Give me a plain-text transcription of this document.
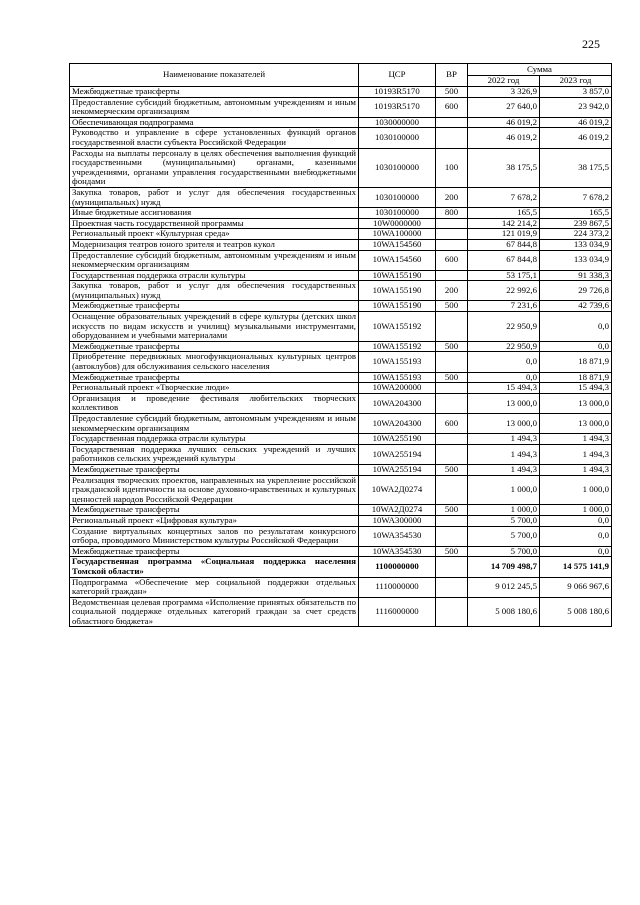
225
Наименование показателей	ЦСР	ВР	Сумма	
			2022 год	2023 год
Межбюджетные трансферты	10193R5170	500	3 326,9	3 857,0
Предоставление субсидий бюджетным, автономным учреждениям и иным некоммерческим организациям	10193R5170	600	27 640,0	23 942,0
Обеспечивающая подпрограмма	1030000000		46 019,2	46 019,2
Руководство и управление в сфере установленных функций органов государственной власти субъекта Российской Федерации	1030100000		46 019,2	46 019,2
Расходы на выплаты персоналу в целях обеспечения выполнения функций государственными (муниципальными) органами, казенными учреждениями, органами управления государственными внебюджетными фондами	1030100000	100	38 175,5	38 175,5
Закупка товаров, работ и услуг для обеспечения государственных (муниципальных) нужд	1030100000	200	7 678,2	7 678,2
Иные бюджетные ассигнования	1030100000	800	165,5	165,5
Проектная часть государственной программы	10W0000000		142 214,2	239 867,5
Региональный проект «Культурная среда»	10WA100000		121 019,9	224 373,2
Модернизация театров юного зрителя и театров кукол	10WA154560		67 844,8	133 034,9
Предоставление субсидий бюджетным, автономным учреждениям и иным некоммерческим организациям	10WA154560	600	67 844,8	133 034,9
Государственная поддержка отрасли культуры	10WA155190		53 175,1	91 338,3
Закупка товаров, работ и услуг для обеспечения государственных (муниципальных) нужд	10WA155190	200	22 992,6	29 726,8
Межбюджетные трансферты	10WA155190	500	7 231,6	42 739,6
Оснащение образовательных учреждений в сфере культуры (детских школ искусств по видам искусств и училищ) музыкальными инструментами, оборудованием и учебными материалами	10WA155192		22 950,9	0,0
Межбюджетные трансферты	10WA155192	500	22 950,9	0,0
Приобретение передвижных многофункциональных культурных центров (автоклубов) для обслуживания сельского населения	10WA155193		0,0	18 871,9
Межбюджетные трансферты	10WA155193	500	0,0	18 871,9
Региональный проект «Творческие люди»	10WA200000		15 494,3	15 494,3
Организация и проведение фестиваля любительских творческих коллективов	10WA204300		13 000,0	13 000,0
Предоставление субсидий бюджетным, автономным учреждениям и иным некоммерческим организациям	10WA204300	600	13 000,0	13 000,0
Государственная поддержка отрасли культуры	10WA255190		1 494,3	1 494,3
Государственная поддержка лучших сельских учреждений и лучших работников сельских учреждений культуры	10WA255194		1 494,3	1 494,3
Межбюджетные трансферты	10WA255194	500	1 494,3	1 494,3
Реализация творческих проектов, направленных на укрепление российской гражданской идентичности на основе духовно-нравственных и культурных ценностей народов Российской Федерации	10WA2Д0274		1 000,0	1 000,0
Межбюджетные трансферты	10WA2Д0274	500	1 000,0	1 000,0
Региональный проект «Цифровая культура»	10WA300000		5 700,0	0,0
Создание виртуальных концертных залов по результатам конкурсного отбора, проводимого Министерством культуры Российской Федерации	10WA354530		5 700,0	0,0
Межбюджетные трансферты	10WA354530	500	5 700,0	0,0
Государственная программа «Социальная поддержка населения Томской области»	1100000000		14 709 498,7	14 575 141,9
Подпрограмма «Обеспечение мер социальной поддержки отдельных категорий граждан»	1110000000		9 012 245,5	9 066 967,6
Ведомственная целевая программа «Исполнение принятых обязательств по социальной поддержке отдельных категорий граждан за счет средств областного бюджета»	1116000000		5 008 180,6	5 008 180,6
